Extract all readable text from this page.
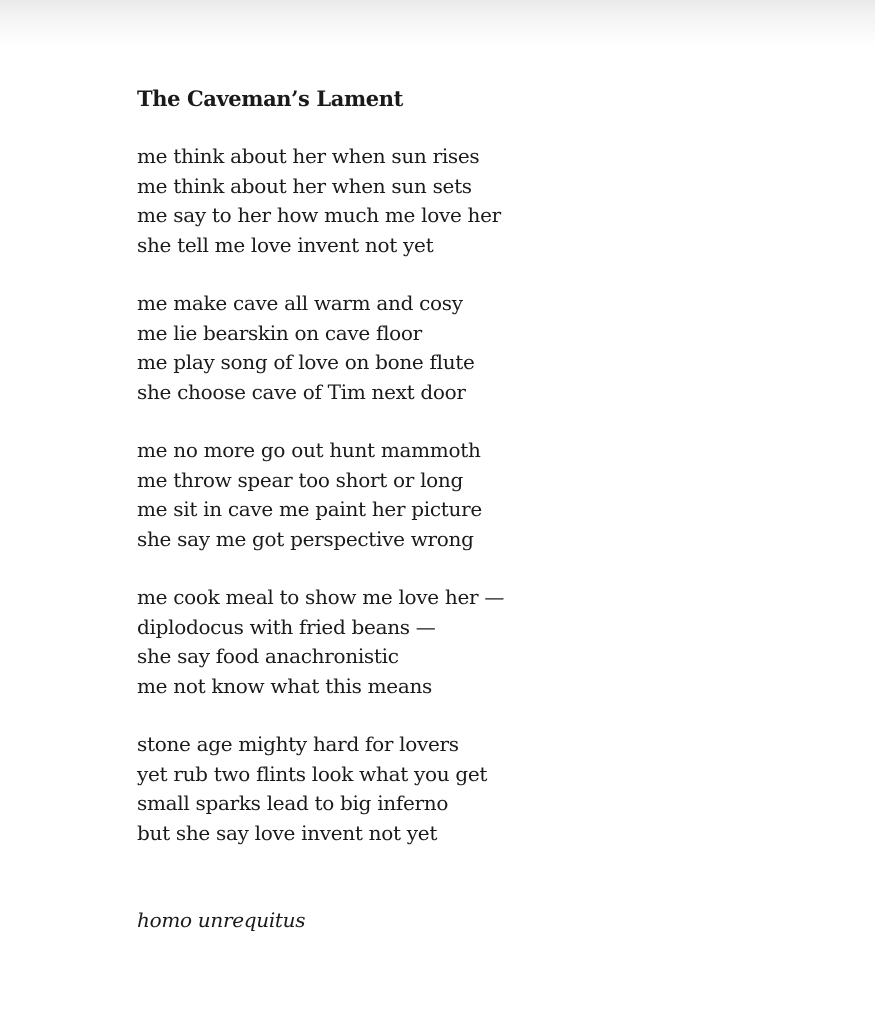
The Caveman’s Lament
me think about her when sun rises
me think about her when sun sets
me say to her how much me love her
she tell me love invent not yet
me make cave all warm and cosy
me lie bearskin on cave floor
me play song of love on bone flute
she choose cave of Tim next door
me no more go out hunt mammoth
me throw spear too short or long
me sit in cave me paint her picture
she say me got perspective wrong
me cook meal to show me love her —
diplodocus with fried beans —
she say food anachronistic
me not know what this means
stone age mighty hard for lovers
yet rub two flints look what you get
small sparks lead to big inferno
but she say love invent not yet
homo unrequitus
